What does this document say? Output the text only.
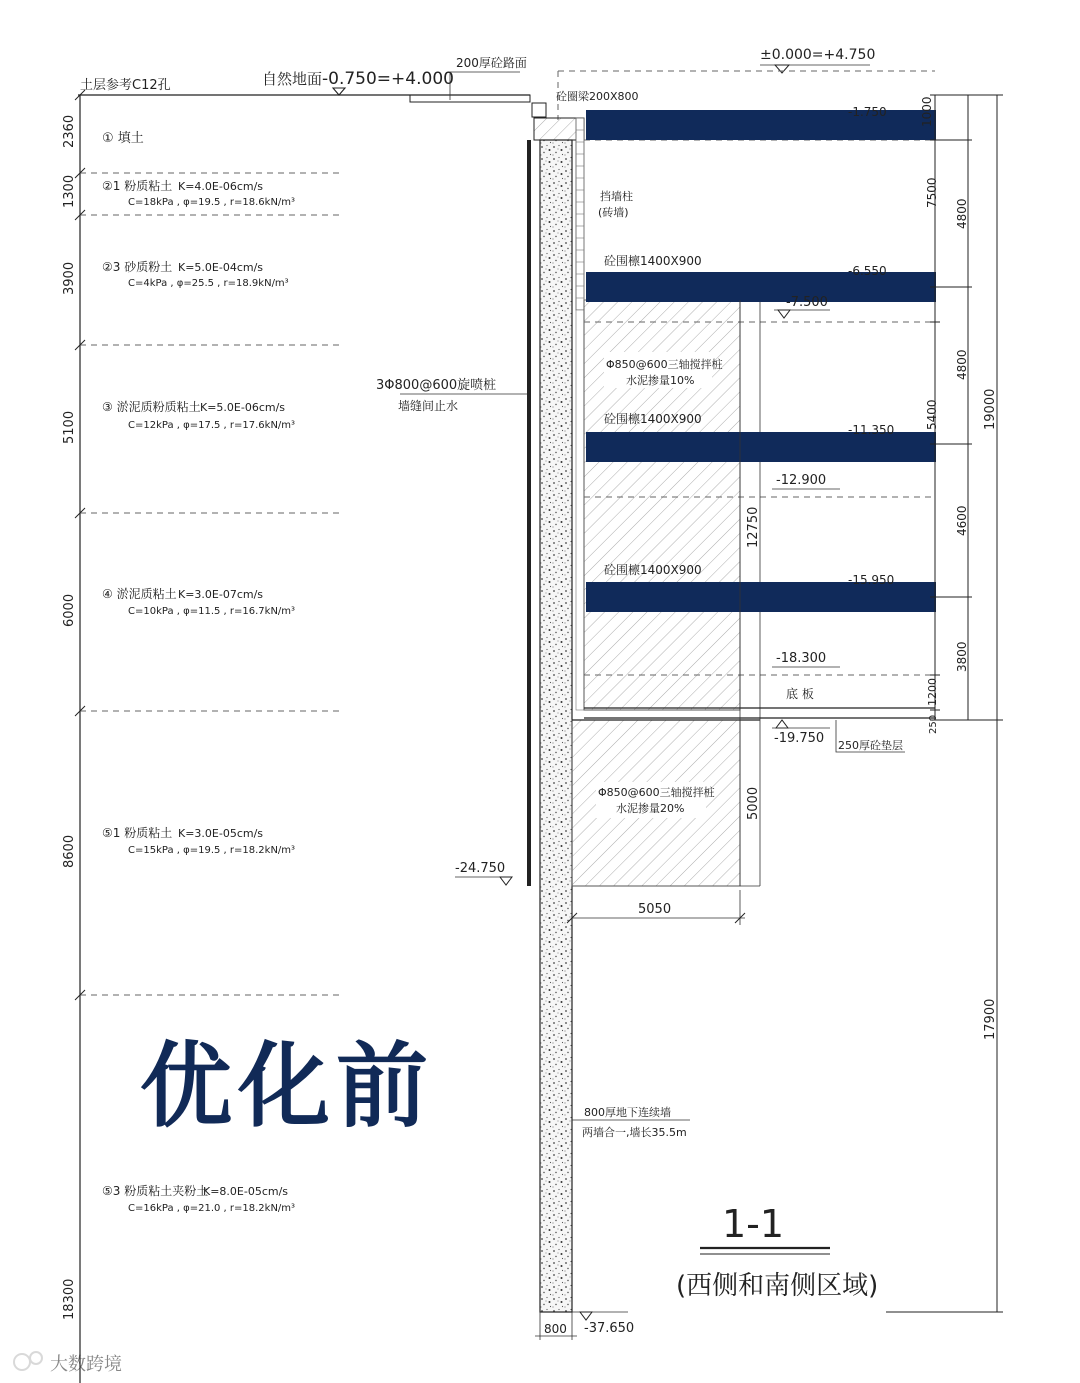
土层参考C12孔	自然地面 -0.750=+4.000
200厚砼路面	±0.000=+4.750
砼圈梁200X800
2360
1300
3900
5100
6000
8600
18300
① 填土
②1 粉质粘土 K=4.0E-06cm/s
C=18kPa , φ=19.5 , r=18.6kN/m³
②3 砂质粉土 K=5.0E-04cm/s
C=4kPa , φ=25.5 , r=18.9kN/m³
③ 淤泥质粉质粘土 K=5.0E-06cm/s
C=12kPa , φ=17.5 , r=17.6kN/m³
④ 淤泥质粘土 K=3.0E-07cm/s
C=10kPa , φ=11.5 , r=16.7kN/m³
⑤1 粉质粘土 K=3.0E-05cm/s
C=15kPa , φ=19.5 , r=18.2kN/m³
⑤3 粉质粘土夹粉土
K=8.0E-05cm/s
C=16kPa , φ=21.0 , r=18.2kN/m³
优化前
3Φ800@600旋喷桩
墙缝间止水
-24.750
挡墙柱
(砖墙)
Φ850@600三轴搅拌桩
水泥掺量10%
Φ850@600三轴搅拌桩
水泥掺量20%
底 板
-1.750
砼围檩1400X900
-6.550
砼围檩1400X900
-11.350
砼围檩1400X900
-15.950
-7.500
-12.900
-18.300
-19.750 250厚砼垫层
12750
5000
5050
800厚地下连续墙
两墙合一,墙长35.5m
-37.650
800
1000
4800
4800
4600
3800
1200
250
7500
5400	19000
17900
1-1
(西侧和南侧区域)
大数跨境
